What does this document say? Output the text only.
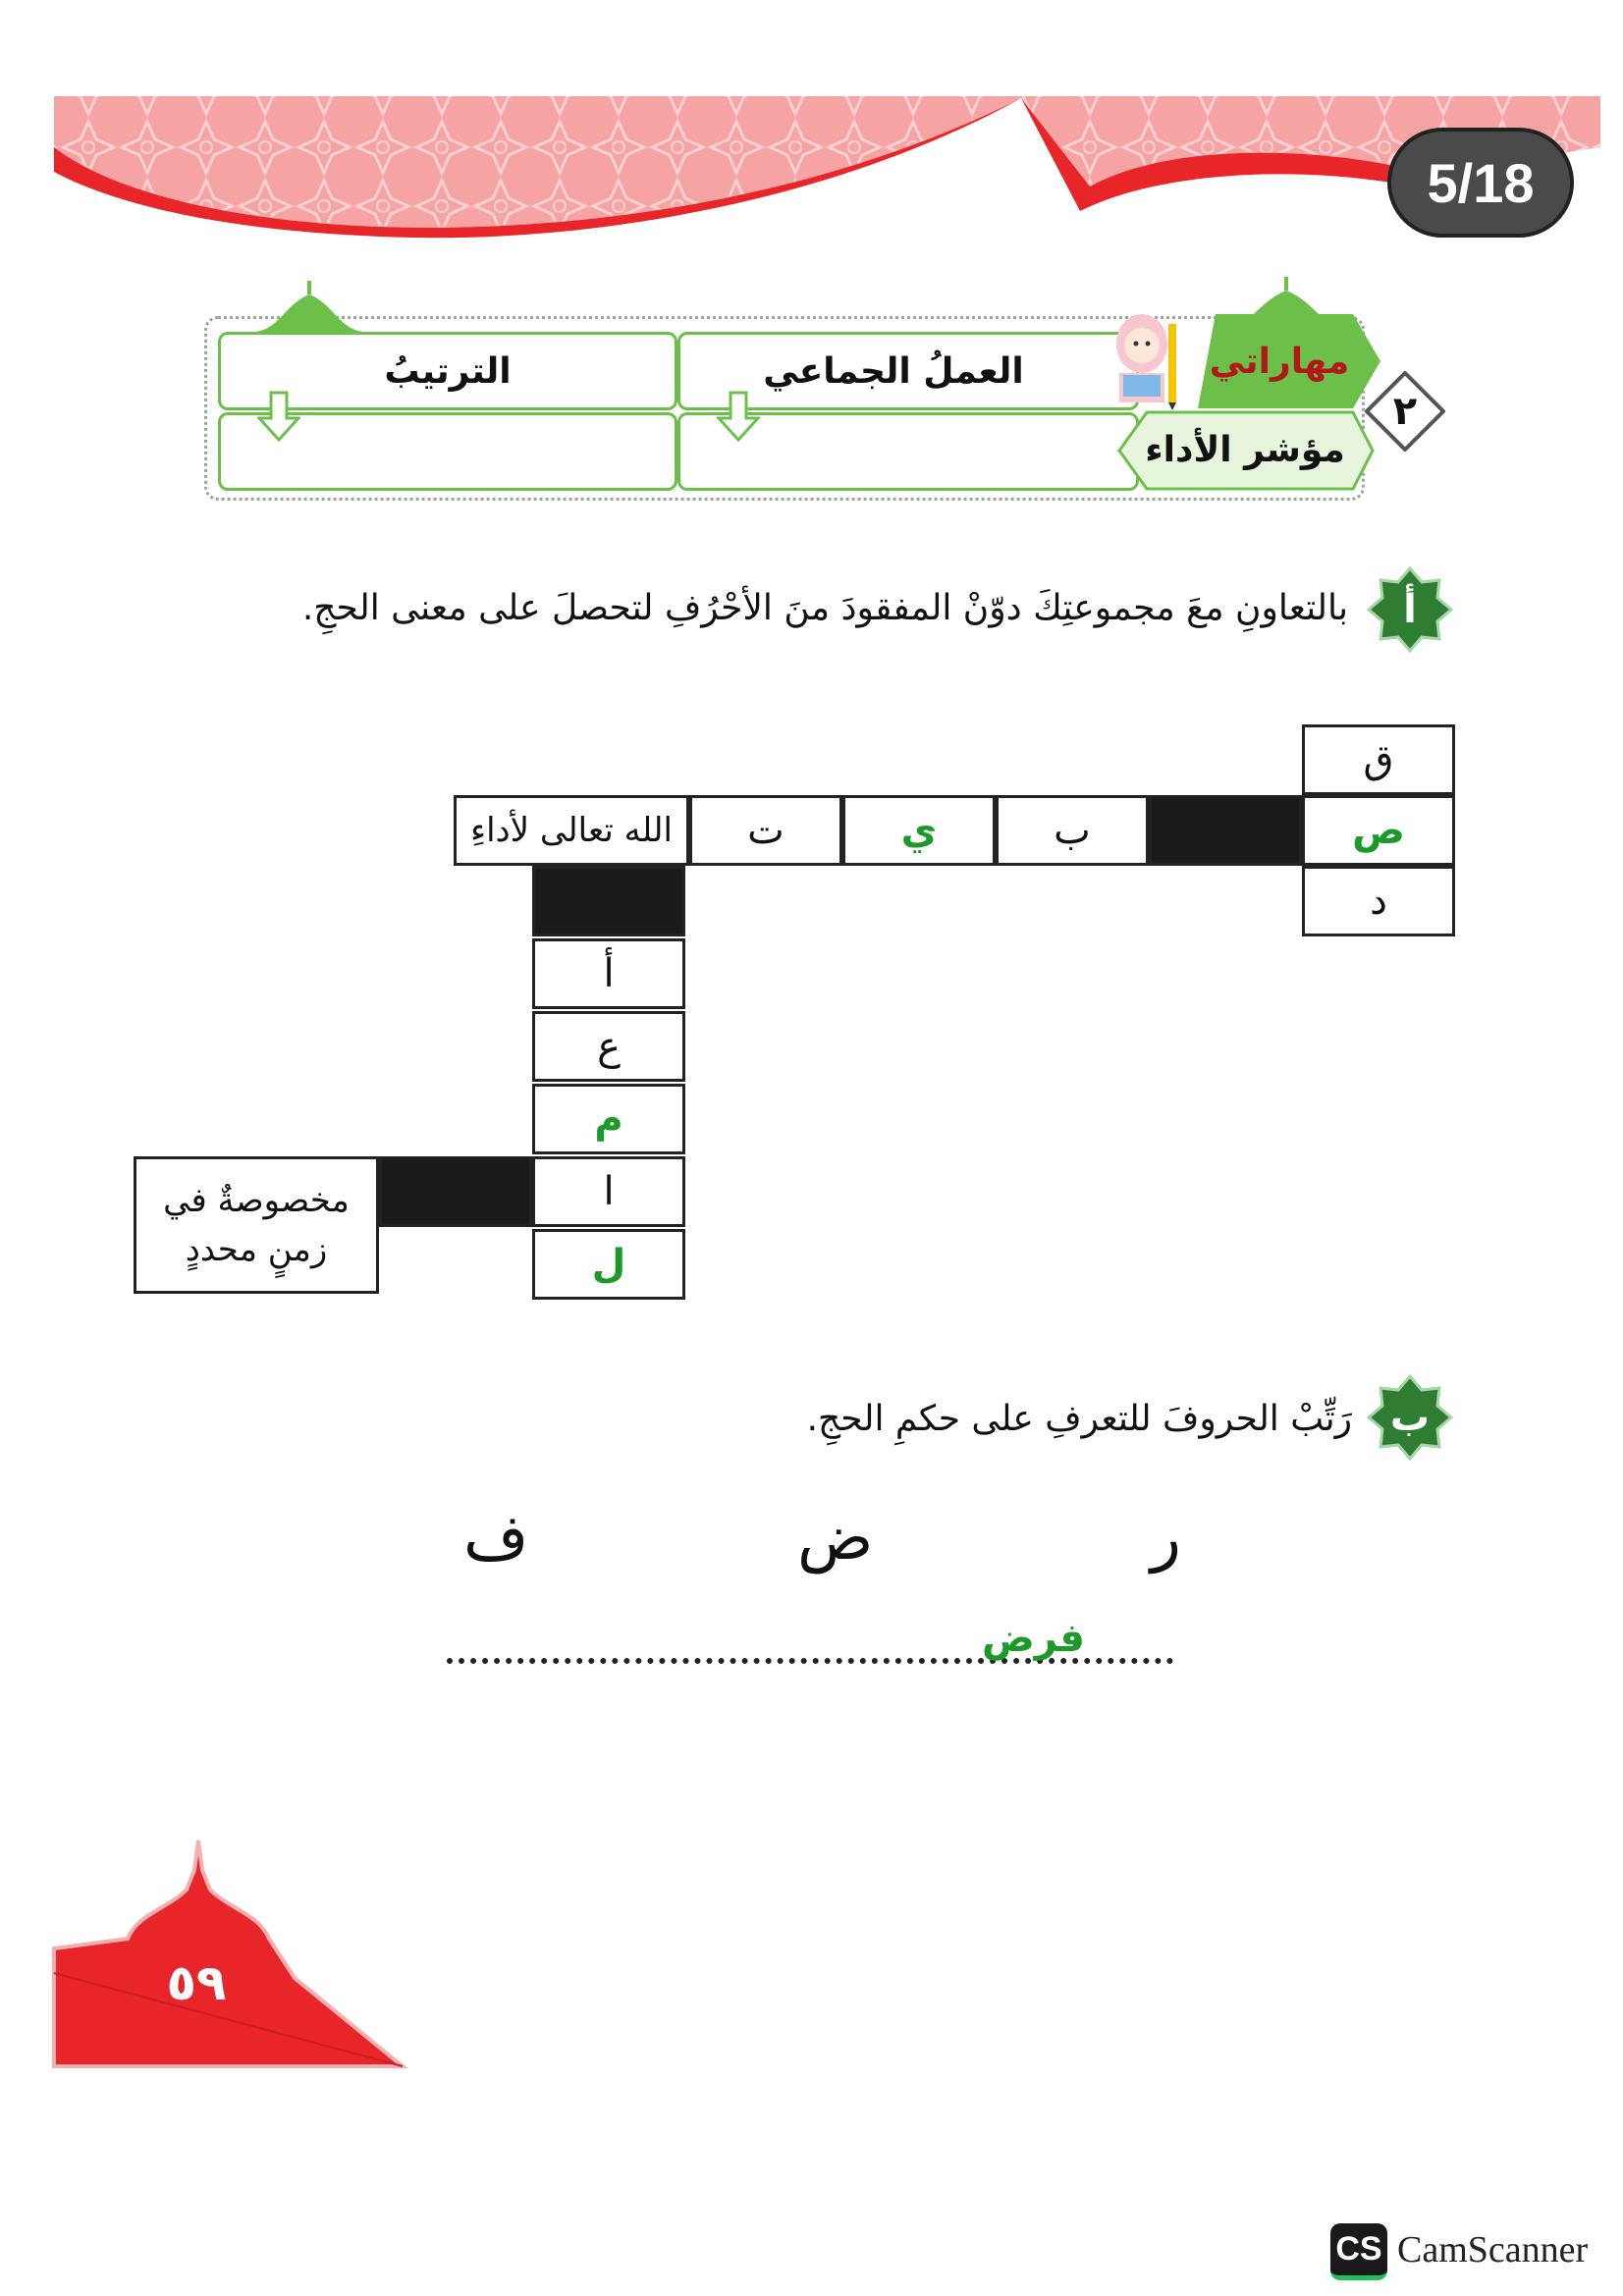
5/18
العملُ الجماعي
الترتيبُ	مهاراتي
مؤشر الأداء
٢
أ
بالتعاونِ معَ مجموعتِكَ دوّنْ المفقودَ منَ الأحْرُفِ لتحصلَ على معنى الحجِ.
ق
ص
د
ب
ي
ت
الله تعالى لأداءِ
أ
ع
م
ا
ل
مخصوصةٌ في
زمنٍ محددٍ
ب
رَتِّبْ الحروفَ للتعرفِ على حكمِ الحجِ.
ف	ض	ر
فرض
٥٩
CS CamScanner
